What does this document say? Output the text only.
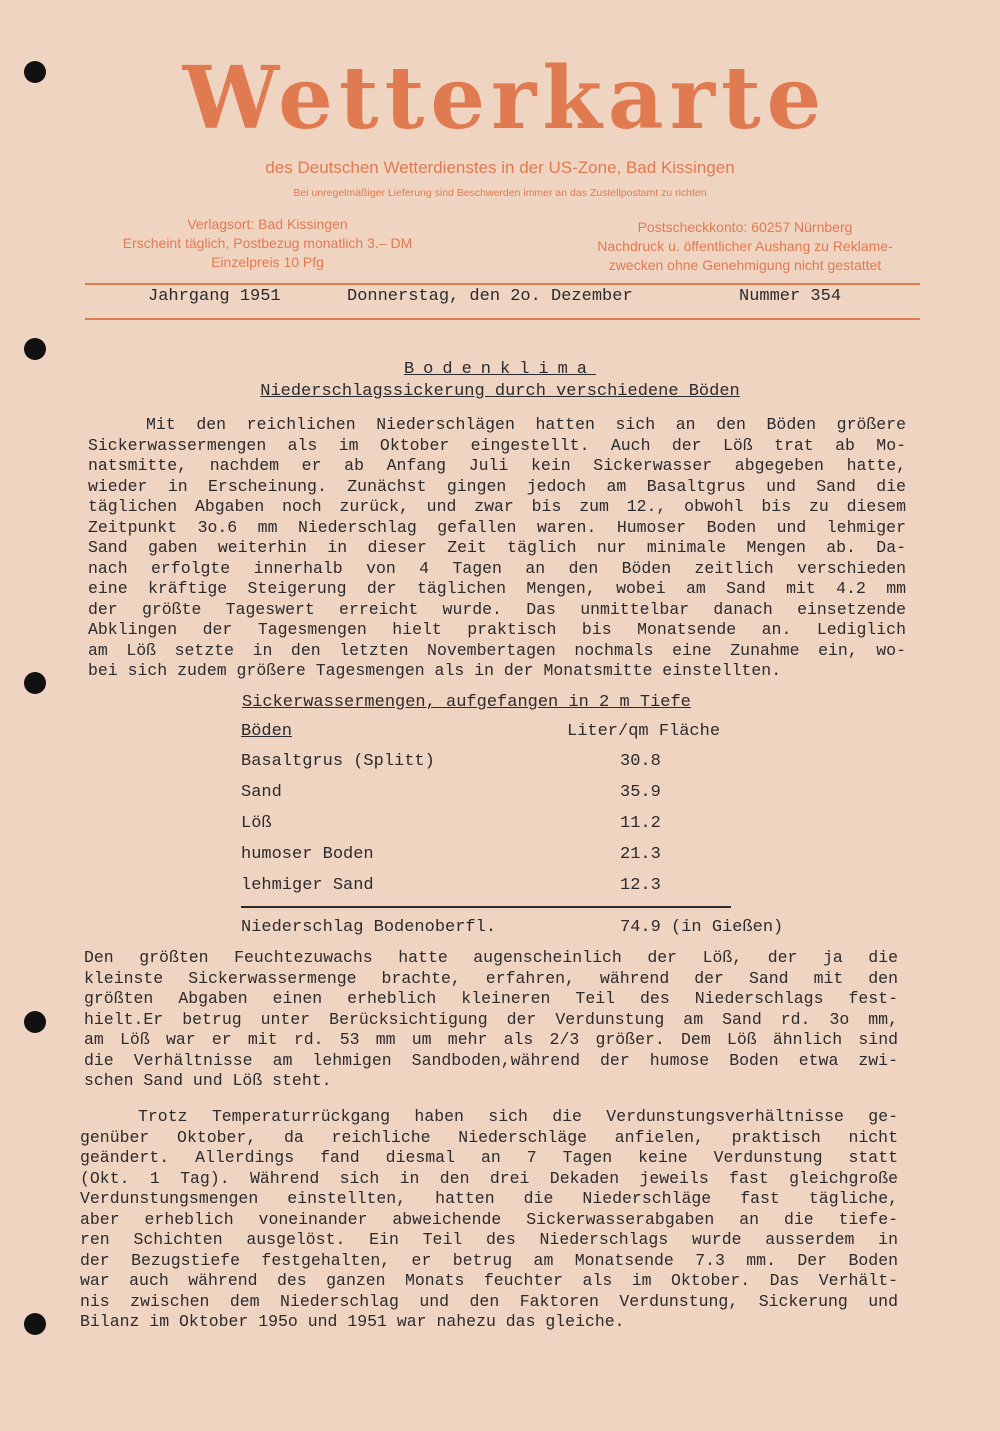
Wetterkarte
des Deutschen Wetterdienstes in der US-Zone, Bad Kissingen
Bei unregelmäßiger Lieferung sind Beschwerden immer an das Zustellpostamt zu richten
Verlagsort: Bad Kissingen
Erscheint täglich, Postbezug monatlich 3.– DM
Einzelpreis 10 Pfg
Postscheckkonto: 60257 Nürnberg
Nachdruck u. öffentlicher Aushang zu Reklame-
zwecken ohne Genehmigung nicht gestattet
Jahrgang 1951	Donnerstag, den 2o. Dezember	Nummer 354
Bodenklima
Niederschlagssickerung durch verschiedene Böden
Mit den reichlichen Niederschlägen hatten sich an den Böden größere
Sickerwassermengen als im Oktober eingestellt. Auch der Löß trat ab Mo-
natsmitte, nachdem er ab Anfang Juli kein Sickerwasser abgegeben hatte,
wieder in Erscheinung. Zunächst gingen jedoch am Basaltgrus und Sand die
täglichen Abgaben noch zurück, und zwar bis zum 12., obwohl bis zu diesem
Zeitpunkt 3o.6 mm Niederschlag gefallen waren. Humoser Boden und lehmiger
Sand gaben weiterhin in dieser Zeit täglich nur minimale Mengen ab. Da-
nach erfolgte innerhalb von 4 Tagen an den Böden zeitlich verschieden
eine kräftige Steigerung der täglichen Mengen, wobei am Sand mit 4.2 mm
der größte Tageswert erreicht wurde. Das unmittelbar danach einsetzende
Abklingen der Tagesmengen hielt praktisch bis Monatsende an. Lediglich
am Löß setzte in den letzten Novembertagen nochmals eine Zunahme ein, wo-
bei sich zudem größere Tagesmengen als in der Monatsmitte einstellten.
Sickerwassermengen, aufgefangen in 2 m Tiefe
Böden	Liter/qm Fläche
Basaltgrus (Splitt)	30.8
Sand	35.9
Löß	11.2
humoser Boden	21.3
lehmiger Sand	12.3
Niederschlag Bodenoberfl.	74.9 (in Gießen)
Den größten Feuchtezuwachs hatte augenscheinlich der Löß, der ja die
kleinste Sickerwassermenge brachte, erfahren, während der Sand mit den
größten Abgaben einen erheblich kleineren Teil des Niederschlags fest-
hielt.Er betrug unter Berücksichtigung der Verdunstung am Sand rd. 3o mm,
am Löß war er mit rd. 53 mm um mehr als 2/3 größer. Dem Löß ähnlich sind
die Verhältnisse am lehmigen Sandboden,während der humose Boden etwa zwi-
schen Sand und Löß steht.
Trotz Temperaturrückgang haben sich die Verdunstungsverhältnisse ge-
genüber Oktober, da reichliche Niederschläge anfielen, praktisch nicht
geändert. Allerdings fand diesmal an 7 Tagen keine Verdunstung statt
(Okt. 1 Tag). Während sich in den drei Dekaden jeweils fast gleichgroße
Verdunstungsmengen einstellten, hatten die Niederschläge fast tägliche,
aber erheblich voneinander abweichende Sickerwasserabgaben an die tiefe-
ren Schichten ausgelöst. Ein Teil des Niederschlags wurde ausserdem in
der Bezugstiefe festgehalten, er betrug am Monatsende 7.3 mm. Der Boden
war auch während des ganzen Monats feuchter als im Oktober. Das Verhält-
nis zwischen dem Niederschlag und den Faktoren Verdunstung, Sickerung und
Bilanz im Oktober 195o und 1951 war nahezu das gleiche.
